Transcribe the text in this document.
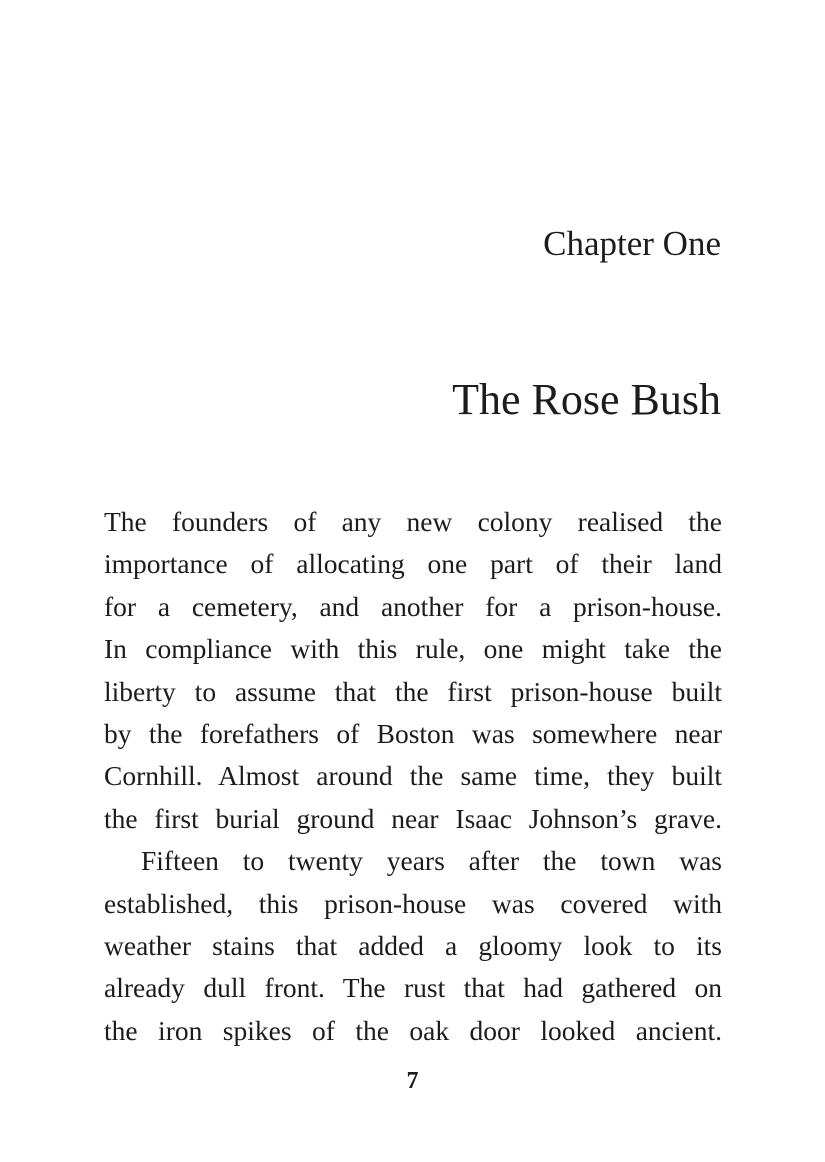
Chapter One
The Rose Bush
The founders of any new colony realised the
importance of allocating one part of their land
for a cemetery, and another for a prison-house.
In compliance with this rule, one might take the
liberty to assume that the first prison-house built
by the forefathers of Boston was somewhere near
Cornhill. Almost around the same time, they built
the first burial ground near Isaac Johnson’s grave.
Fifteen to twenty years after the town was
established, this prison-house was covered with
weather stains that added a gloomy look to its
already dull front. The rust that had gathered on
the iron spikes of the oak door looked ancient.
7
